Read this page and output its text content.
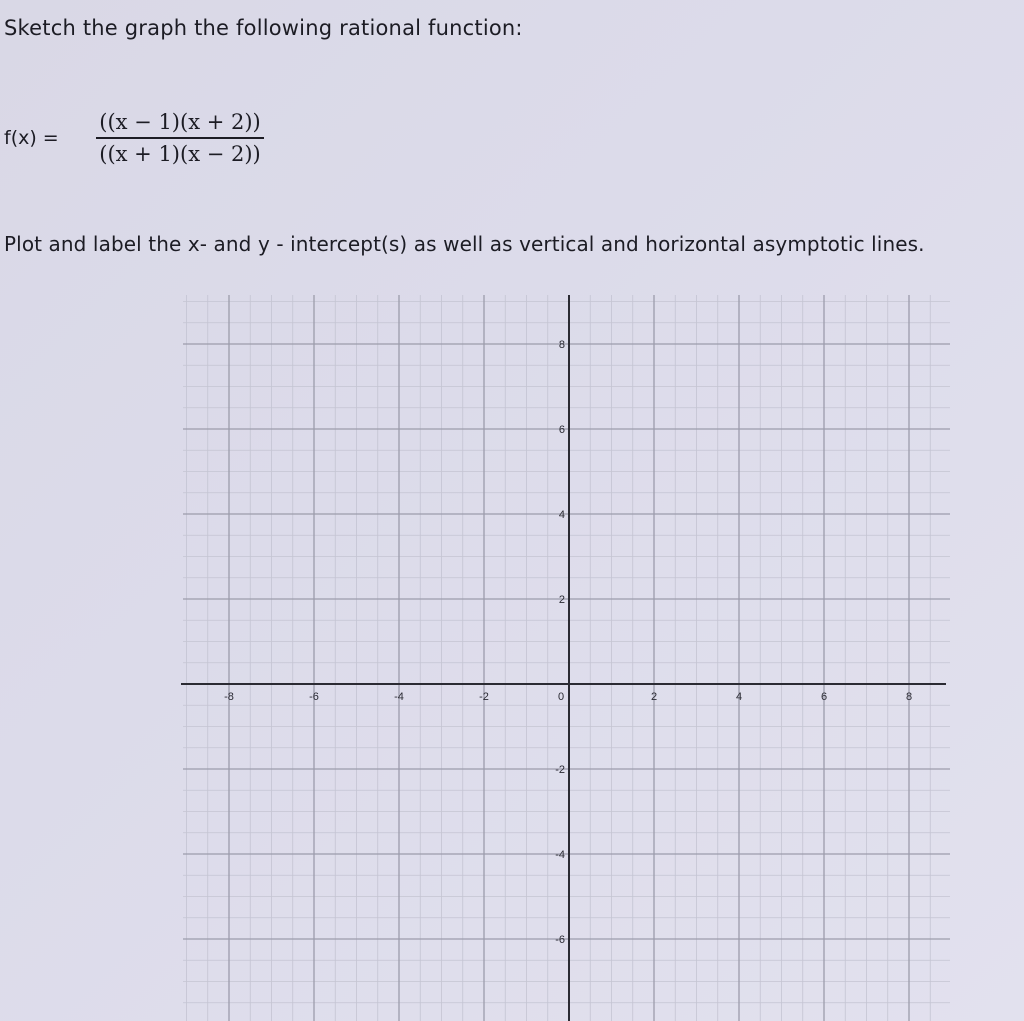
Sketch the graph the following rational function:
f(x) =
((x − 1)(x + 2))
((x + 1)(x − 2))
Plot and label the x- and y - intercept(s) as well as vertical and horizontal asymptotic lines.
-8	-6	-4	-2	0	2	4	6	8
8
6
4
2
-2
-4
-6
